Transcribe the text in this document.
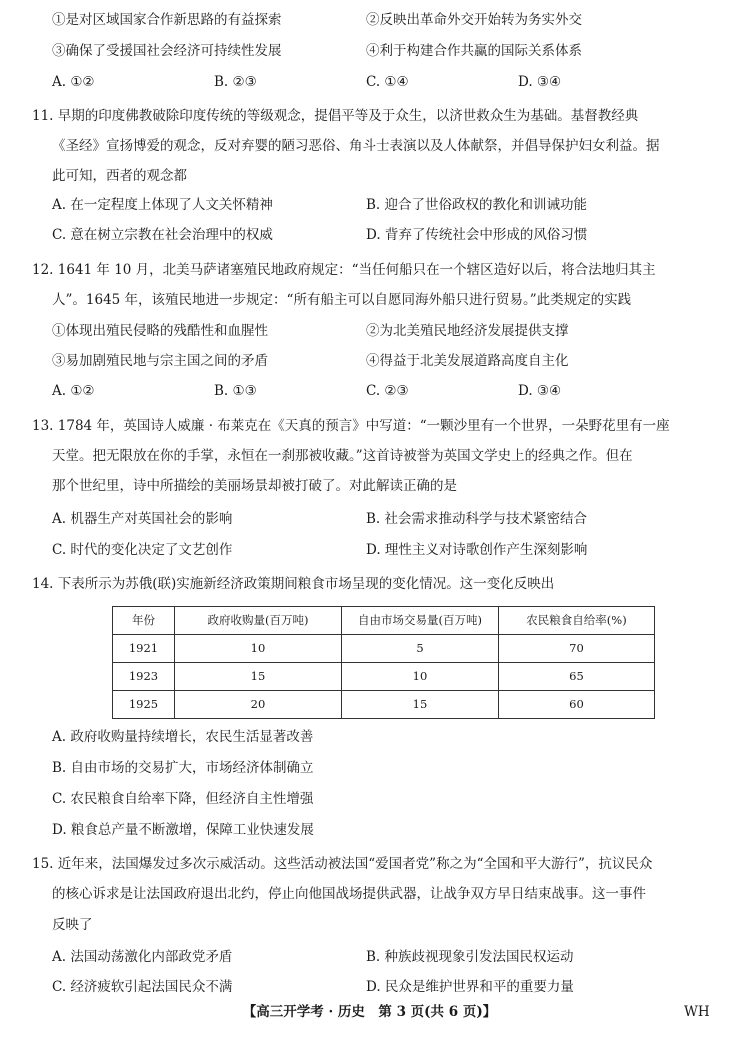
①是对区域国家合作新思路的有益探索	②反映出革命外交开始转为务实外交
③确保了受援国社会经济可持续性发展	④利于构建合作共赢的国际关系体系
A. ①②	B. ②③	C. ①④	D. ③④
11. 早期的印度佛教破除印度传统的等级观念，提倡平等及于众生，以济世救众生为基础。基督教经典
《圣经》宣扬博爱的观念，反对弃婴的陋习恶俗、角斗士表演以及人体献祭，并倡导保护妇女利益。据
此可知，西者的观念都
A. 在一定程度上体现了人文关怀精神	B. 迎合了世俗政权的教化和训诫功能
C. 意在树立宗教在社会治理中的权威	D. 背弃了传统社会中形成的风俗习惯
12. 1641 年 10 月，北美马萨诸塞殖民地政府规定：“当任何船只在一个辖区造好以后，将合法地归其主
人”。1645 年，该殖民地进一步规定：“所有船主可以自愿同海外船只进行贸易。”此类规定的实践
①体现出殖民侵略的残酷性和血腥性	②为北美殖民地经济发展提供支撑
③易加剧殖民地与宗主国之间的矛盾	④得益于北美发展道路高度自主化
A. ①②	B. ①③	C. ②③	D. ③④
13. 1784 年，英国诗人威廉 · 布莱克在《天真的预言》中写道：“一颗沙里有一个世界，一朵野花里有一座
天堂。把无限放在你的手掌，永恒在一刹那被收藏。”这首诗被誉为英国文学史上的经典之作。但在
那个世纪里，诗中所描绘的美丽场景却被打破了。对此解读正确的是
A. 机器生产对英国社会的影响	B. 社会需求推动科学与技术紧密结合
C. 时代的变化决定了文艺创作	D. 理性主义对诗歌创作产生深刻影响
14. 下表所示为苏俄(联)实施新经济政策期间粮食市场呈现的变化情况。这一变化反映出
年份	政府收购量(百万吨)	自由市场交易量(百万吨)	农民粮食自给率(%)
1921	10	5	70
1923	15	10	65
1925	20	15	60
A. 政府收购量持续增长，农民生活显著改善
B. 自由市场的交易扩大，市场经济体制确立
C. 农民粮食自给率下降，但经济自主性增强
D. 粮食总产量不断激增，保障工业快速发展
15. 近年来，法国爆发过多次示威活动。这些活动被法国“爱国者党”称之为“全国和平大游行”，抗议民众
的核心诉求是让法国政府退出北约，停止向他国战场提供武器，让战争双方早日结束战事。这一事件
反映了
A. 法国动荡激化内部政党矛盾	B. 种族歧视现象引发法国民权运动
C. 经济疲软引起法国民众不满	D. 民众是维护世界和平的重要力量
【高三开学考 · 历史　第 3 页(共 6 页)】	WH
